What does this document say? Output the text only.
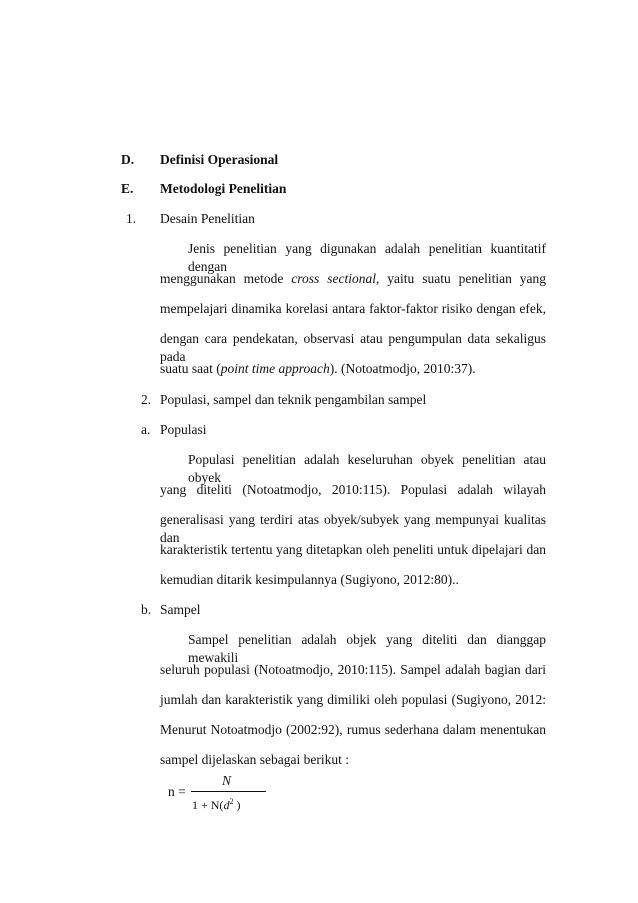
D. Definisi Operasional
E. Metodologi Penelitian
1. Desain Penelitian
Jenis penelitian yang digunakan adalah penelitian kuantitatif dengan
menggunakan metode cross sectional, yaitu suatu penelitian yang
mempelajari dinamika korelasi antara faktor-faktor risiko dengan efek,
dengan cara pendekatan, observasi atau pengumpulan data sekaligus pada
suatu saat (point time approach). (Notoatmodjo, 2010:37).
2. Populasi, sampel dan teknik pengambilan sampel
a. Populasi
Populasi penelitian adalah keseluruhan obyek penelitian atau obyek
yang diteliti (Notoatmodjo, 2010:115). Populasi adalah wilayah
generalisasi yang terdiri atas obyek/subyek yang mempunyai kualitas dan
karakteristik tertentu yang ditetapkan oleh peneliti untuk dipelajari dan
kemudian ditarik kesimpulannya (Sugiyono, 2012:80)..
b. Sampel
Sampel penelitian adalah objek yang diteliti dan dianggap mewakili
seluruh populasi (Notoatmodjo, 2010:115). Sampel adalah bagian dari
jumlah dan karakteristik yang dimiliki oleh populasi (Sugiyono, 2012:
Menurut Notoatmodjo (2002:92), rumus sederhana dalam menentukan
sampel dijelaskan sebagai berikut :
n =
N
$1 + N(d^2$ )
